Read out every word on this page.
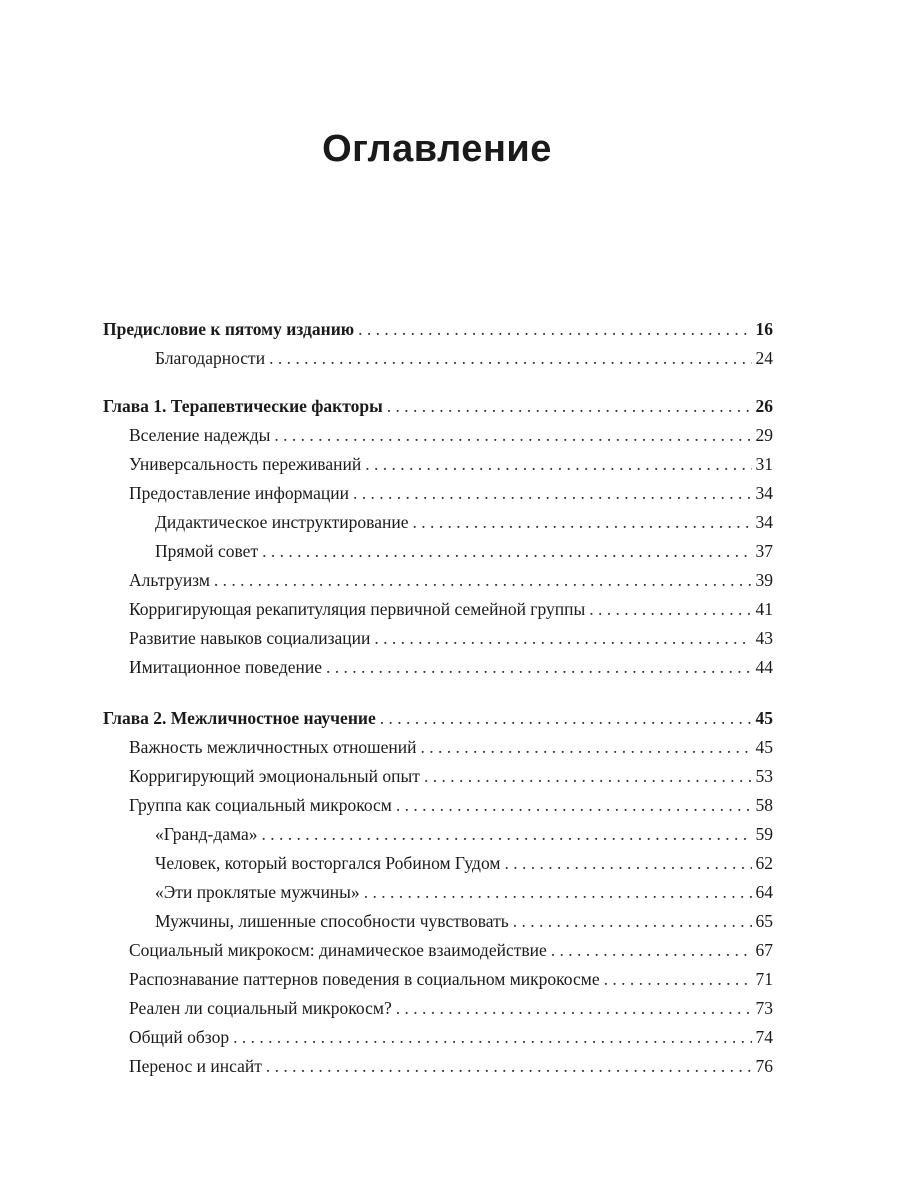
Оглавление
Предисловие к пятому изданию . . .	16
Благодарности . . .	24
Глава 1. Терапевтические факторы . . .	26
Вселение надежды . . .	29
Универсальность переживаний . . .	31
Предоставление информации . . .	34
Дидактическое инструктирование . . .	34
Прямой совет . . .	37
Альтруизм . . .	39
Корригирующая рекапитуляция первичной семейной группы . . .	41
Развитие навыков социализации . . .	43
Имитационное поведение . . .	44
Глава 2. Межличностное научение . . .	45
Важность межличностных отношений . . .	45
Корригирующий эмоциональный опыт . . .	53
Группа как социальный микрокосм . . .	58
«Гранд-дама» . . .	59
Человек, который восторгался Робином Гудом . . .	62
«Эти проклятые мужчины» . . .	64
Мужчины, лишенные способности чувствовать . . .	65
Социальный микрокосм: динамическое взаимодействие . . .	67
Распознавание паттернов поведения в социальном микрокосме . . .	71
Реален ли социальный микрокосм? . . .	73
Общий обзор . . .	74
Перенос и инсайт . . .	76
